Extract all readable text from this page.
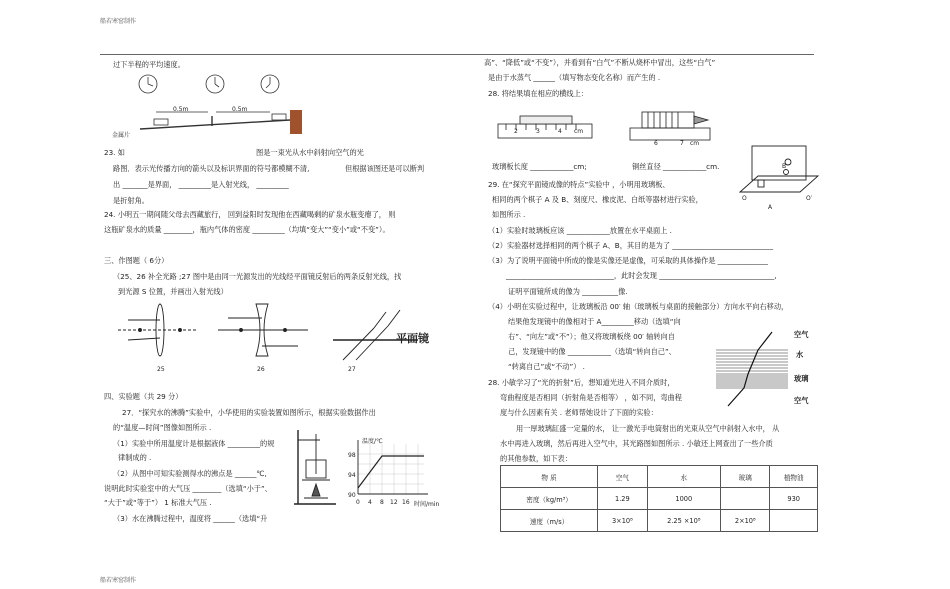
船若寒窑制作
船若寒窑制作
过下半程的平均速度。
0.5m	0.5m
金属片
23. 如	图是一束光从水中斜射向空气的光
路图．表示光传播方向的箭头以及标识界面的符号都模糊不清,	但根据该图还是可以断判
出 _______是界面， _________是入射光线， _________
是折射角。
24. 小明五一期间随父母去西藏旅行， 回到益阳时发现他在西藏喝剩的矿泉水瓶变瘪了， 则
这瓶矿泉水的质量 ________，瓶内气体的密度 _________（均填“变大”“变小”或“不变”）。
三、作图题（ 6分）
（25、26 补全光路 ;27 图中是由同一光源发出的光线经平面镜反射后的两条反射光线，找
到光源 S 位置，并画出入射光线）
平面镜
25	26	27
四、实验题（共 29 分）
27．“探究水的沸腾”实验中，小华使用的实验装置如图所示，根据实验数据作出
的“温度—时间”图像如图所示 .
（1）实验中所用温度计是根据液体 _________的规
律制成的 .
（2）从图中可知实验测得水的沸点是 ______℃,
说明此时实验室中的大气压 ________（选填“小于”、
“大于”或“等于”） 1 标准大气压 .
（3）水在沸腾过程中，温度将 ______（选填“升
温度/℃
98
94
90
0 4 8 12 16 时间/min
高”、“降低”或“不变”），并看到有“白气”不断从烧杯中冒出，这些“白气”
是由于水蒸气 ______（填写物态变化名称）而产生的 .
28. 将结果填在相应的横线上：
2	3	4 cm
6	7 cm
玻璃板长度 ____________cm;	铜丝直径 ____________cm.
O	O′
A
B
29. 在“探究平面镜成像的特点”实验中 ，小明用玻璃板、
相同的两个棋子 A 及 B、刻度尺、橡皮泥、白纸等器材进行实验，
如图所示 .
（1）实验时玻璃板应该 ____________放置在水平桌面上 .
（2）实验器材选择相同的两个棋子 A、B，其目的是为了 ____________________________
（3）为了说明平面镜中所成的像是实像还是虚像，可采取的具体操作是 ______________
______________________________，此时会发现 ________________________________,
证明平面镜所成的像为 __________像.
（4）小明在实验过程中，让玻璃板沿 00′ 轴（玻璃板与桌面的接触部分）方向水平向右移动，
结果他发现镜中的像相对于 A_________移动（选填“向
右”、“向左”或“不”）；他又将玻璃板绕 00′ 轴转向自
己，发现镜中的像 ____________（选填“转向自己”、
“转离自己”或“不动”） .
空气
水
玻璃
空气
28. 小敏学习了“光的折射”后，想知道光进入不同介质时，
弯曲程度是否相同（折射角是否相等） ，如不同，弯曲程
度与什么因素有关 . 老师帮她设计了下面的实验：
用一厚玻璃缸盛一定量的水， 让一激光手电筒射出的光束从空气中斜射入水中， 从
水中再进入玻璃，然后再进入空气中，其光路图如图所示 . 小敏还上网查出了一些介质
的其他参数，如下表：
物 质	空气	水	玻璃	植物油
密度（kg/m³）	1.29	1000		930
速度（m/s）	3×10⁸	2.25 ×10⁸	2×10⁸	
